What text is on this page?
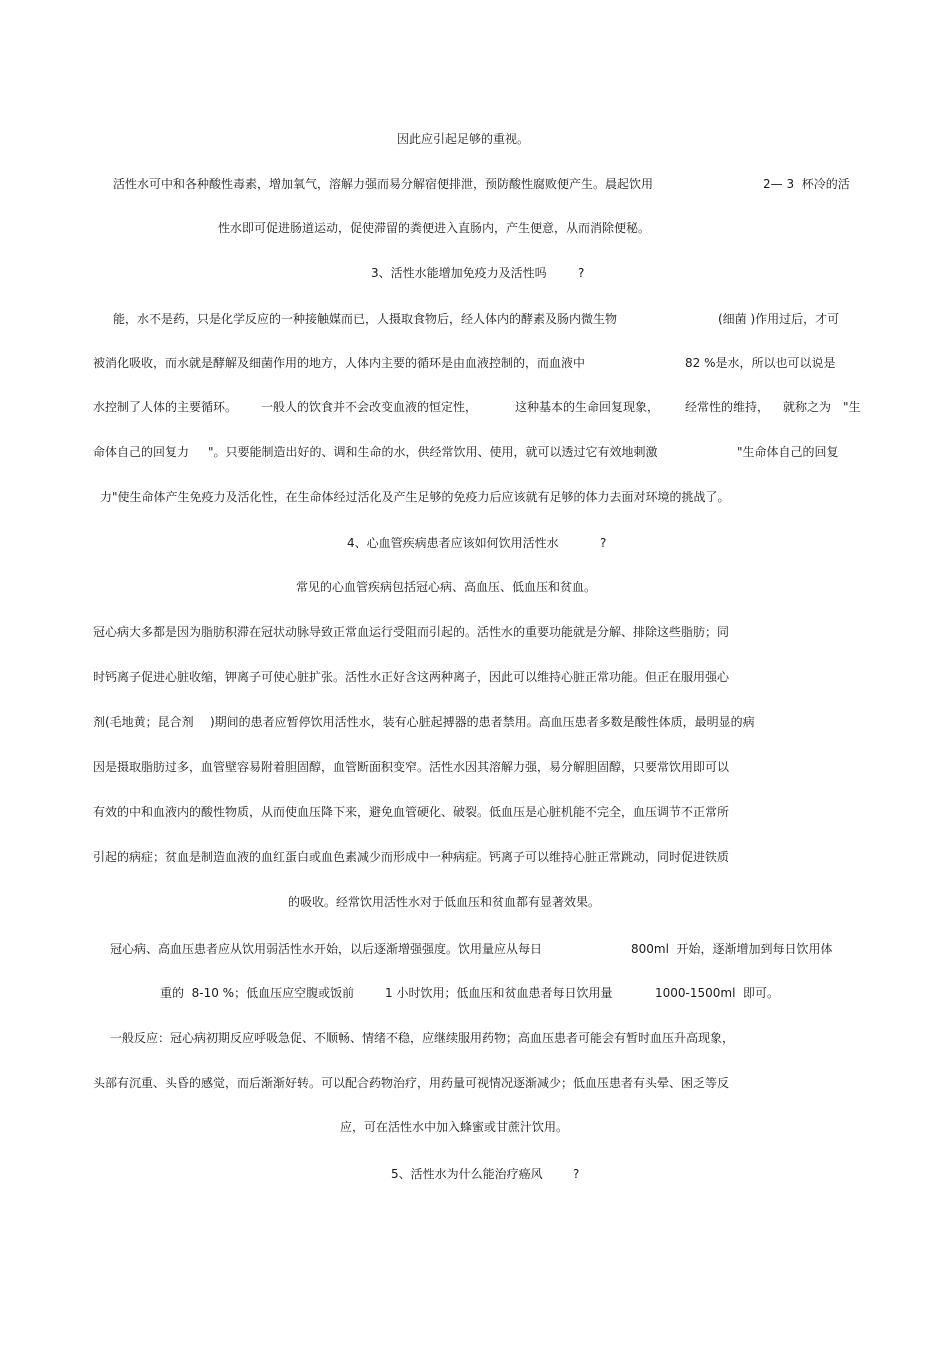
因此应引起足够的重视。
活性水可中和各种酸性毒素，增加氧气，溶解力强而易分解宿便排泄，预防酸性腐败便产生。晨起饮用	2— 3  杯冷的活
性水即可促进肠道运动，促使滞留的粪便进入直肠内，产生便意，从而消除便秘。
3、活性水能增加免疫力及活性吗	?
能，水不是药，只是化学反应的一种接触媒而已，人摄取食物后，经人体内的酵素及肠内微生物	(细菌 )作用过后，才可
被消化吸收，而水就是酵解及细菌作用的地方，人体内主要的循环是由血液控制的，而血液中	82 %是水，所以也可以说是
水控制了人体的主要循环。 一般人的饮食并不会改变血液的恒定性，	这种基本的生命回复现象， 经常性的维持， 就称之为 "生
命体自己的回复力 "。只要能制造出好的、调和生命的水，供经常饮用、使用，就可以透过它有效地刺激	"生命体自己的回复
力"使生命体产生免疫力及活化性，在生命体经过活化及产生足够的免疫力后应该就有足够的体力去面对环境的挑战了。
4、心血管疾病患者应该如何饮用活性水	?
常见的心血管疾病包括冠心病、高血压、低血压和贫血。
冠心病大多都是因为脂肪积滞在冠状动脉导致正常血运行受阻而引起的。活性水的重要功能就是分解、排除这些脂肪；同
时钙离子促进心脏收缩，钾离子可使心脏扩张。活性水正好含这两种离子，因此可以维持心脏正常功能。但正在服用强心
剂(毛地黄；昆合剂 )期间的患者应暂停饮用活性水，装有心脏起搏器的患者禁用。高血压患者多数是酸性体质，最明显的病
因是摄取脂肪过多，血管壁容易附着胆固醇，血管断面积变窄。活性水因其溶解力强，易分解胆固醇，只要常饮用即可以
有效的中和血液内的酸性物质，从而使血压降下来，避免血管硬化、破裂。低血压是心脏机能不完全，血压调节不正常所
引起的病症；贫血是制造血液的血红蛋白或血色素减少而形成中一种病症。钙离子可以维持心脏正常跳动，同时促进铁质
的吸收。经常饮用活性水对于低血压和贫血都有显著效果。
冠心病、高血压患者应从饮用弱活性水开始，以后逐渐增强强度。饮用量应从每日	800ml  开始，逐渐增加到每日饮用体
重的  8-10 %；低血压应空腹或饭前	1 小时饮用；低血压和贫血患者每日饮用量	1000-1500ml  即可。
一般反应：冠心病初期反应呼吸急促、不顺畅、情绪不稳，应继续服用药物；高血压患者可能会有暂时血压升高现象，
头部有沉重、头昏的感觉，而后渐渐好转。可以配合药物治疗，用药量可视情况逐渐减少；低血压患者有头晕、困乏等反
应，可在活性水中加入蜂蜜或甘蔗汁饮用。
5、活性水为什么能治疗癌风	?
